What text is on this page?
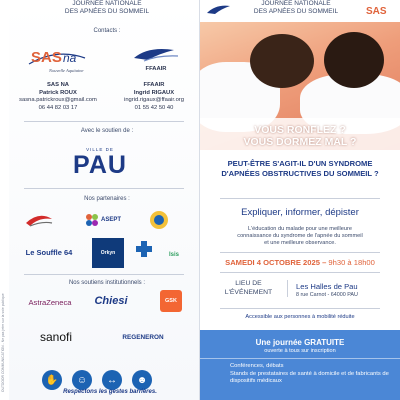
OUTDOOR COMMUNICATION - Ne pas jeter sur la voie publique
JOURNÉE NATIONALE
DES APNÉES DU SOMMEIL
Contacts :
SAS na
Nouvelle Aquitaine	FFAAIR
SAS NA
Patrick ROUX
sasna.patrickroux@gmail.com
06 44 82 03 17
FFAAIR
Ingrid RIGAUX
ingrid.rigaux@ffaair.org
01 55 42 50 40
Avec le soutien de :
VILLE DE
PAU
Nos partenaires :
ASEPT
Le Souffle 64	Orkyn	Isis
Nos soutiens institutionnels :
AstraZeneca Chiesi	GSK
sanofi	REGENERON
✋	☺	↔	☻
Respectons les gestes barrières.
JOURNÉE NATIONALE
DES APNÉES DU SOMMEIL	SAS
VOUS RONFLEZ ?
VOUS DORMEZ MAL ?
PEUT-ÊTRE S'AGIT-IL D'UN SYNDROME
D'APNÉES OBSTRUCTIVES DU SOMMEIL ?
Expliquer, informer, dépister
L'éducation du malade pour une meilleure
connaissance du syndrome de l'apnée du sommeil
et une meilleure observance.
SAMEDI 4 OCTOBRE 2025 – 9h30 à 18h00
LIEU DE
L'ÉVÉNEMENT
Les Halles de Pau
8 rue Carnot - 64000 PAU
Accessible aux personnes à mobilité réduite
Une journée GRATUITE
ouverte à tous sur inscription
Conférences, débats
Stands de prestataires de santé à domicile et de fabricants de dispositifs médicaux
